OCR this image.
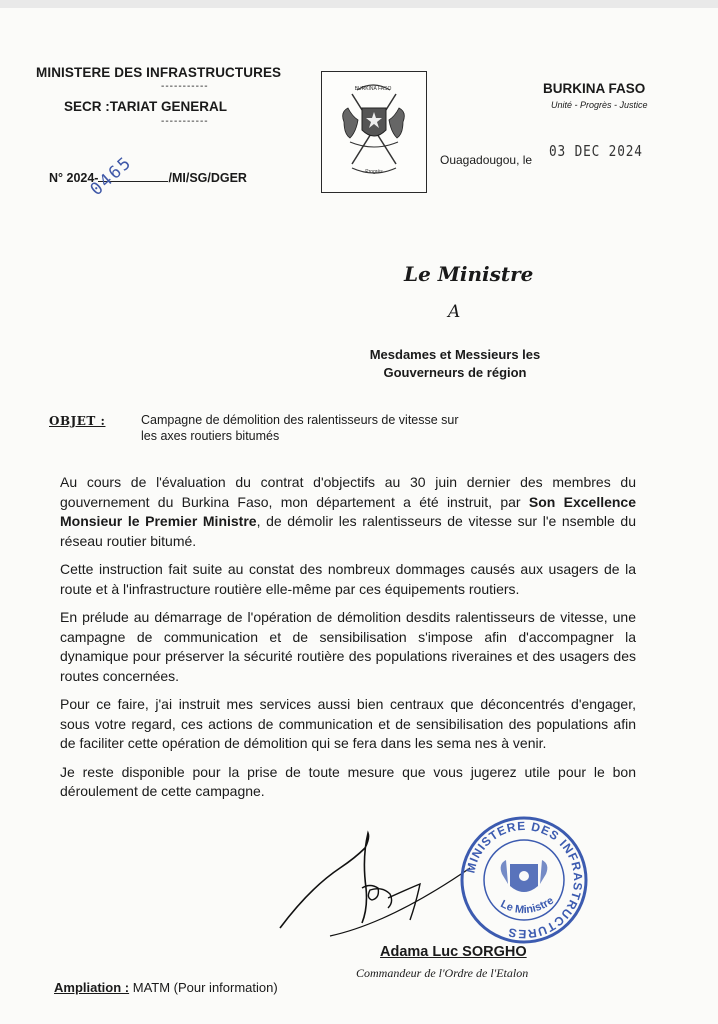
MINISTERE DES INFRASTRUCTURES
-----------
SECR :TARIAT GENERAL
-----------
BURKINA FASO
Progrès
BURKINA FASO
Unité - Progrès - Justice
Ouagadougou, le 03 DEC 2024
N° 2024-	/MI/SG/DGER
0465
Le Ministre
A
Mesdames et Messieurs les
Gouverneurs de région
OBJET :	Campagne de démolition des ralentisseurs de vitesse sur
les axes routiers bitumés

Au cours de l'évaluation du contrat d'objectifs au 30 juin dernier des membres du gouvernement du Burkina Faso, mon département a été instruit, par Son Excellence Monsieur le Premier Ministre, de démolir les ralentisseurs de vitesse sur l'e nsemble du réseau routier bitumé.

Cette instruction fait suite au constat des nombreux dommages causés aux usagers de la route et à l'infrastructure routière elle-même par ces équipements routiers.

En prélude au démarrage de l'opération de démolition desdits ralentisseurs de vitesse, une campagne de communication et de sensibilisation s'impose afin d'accompagner la dynamique pour préserver la sécurité routière des populations riveraines et des usagers des routes concernées.

Pour ce faire, j'ai instruit mes services aussi bien centraux que déconcentrés d'engager, sous votre regard, ces actions de communication et de sensibilisation des populations afin de faciliter cette opération de démolition qui se fera dans les sema nes à venir.

Je reste disponible pour la prise de toute mesure que vous jugerez utile pour le bon déroulement de cette campagne.

MINISTERE DES INFRASTRUCTURES
Le Ministre
Adama Luc SORGHO
Commandeur de l'Ordre de l'Etalon
Ampliation : MATM (Pour information)
